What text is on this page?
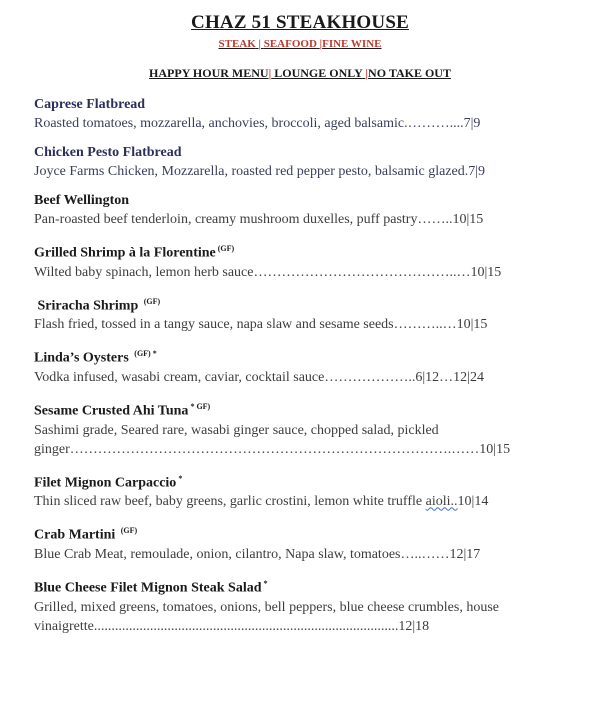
CHAZ 51 STEAKHOUSE
STEAK | SEAFOOD |FINE WINE
HAPPY HOUR MENU| LOUNGE ONLY |NO TAKE OUT
Caprese Flatbread
Roasted tomatoes, mozzarella, anchovies, broccoli, aged balsamic.………....7|9
Chicken Pesto Flatbread
Joyce Farms Chicken, Mozzarella, roasted red pepper pesto, balsamic glazed.7|9
Beef Wellington
Pan-roasted beef tenderloin, creamy mushroom duxelles, puff pastry……..10|15
Grilled Shrimp à la Florentine $^{(GF)}$
Wilted baby spinach, lemon herb sauce……………………………………..…10|15
Sriracha Shrimp $^{(GF)}$
Flash fried, tossed in a tangy sauce, napa slaw and sesame seeds………..…10|15
Linda’s Oysters $^{(GF) *}$
Vodka infused, wasabi cream, caviar, cocktail sauce………………..6|12…12|24
Sesame Crusted Ahi Tuna $^{* GF)}$
Sashimi grade, Seared rare, wasabi ginger sauce, chopped salad, pickled ginger……………………………………………………………………….……10|15
Filet Mignon Carpaccio *
Thin sliced raw beef, baby greens, garlic crostini, lemon white truffle aioli..10|14
Crab Martini $^{(GF)}$
Blue Crab Meat, remoulade, onion, cilantro, Napa slaw, tomatoes…..……12|17
Blue Cheese Filet Mignon Steak Salad *
Grilled, mixed greens, tomatoes, onions, bell peppers, blue cheese crumbles, house vinaigrette.......................................................................................12|18
